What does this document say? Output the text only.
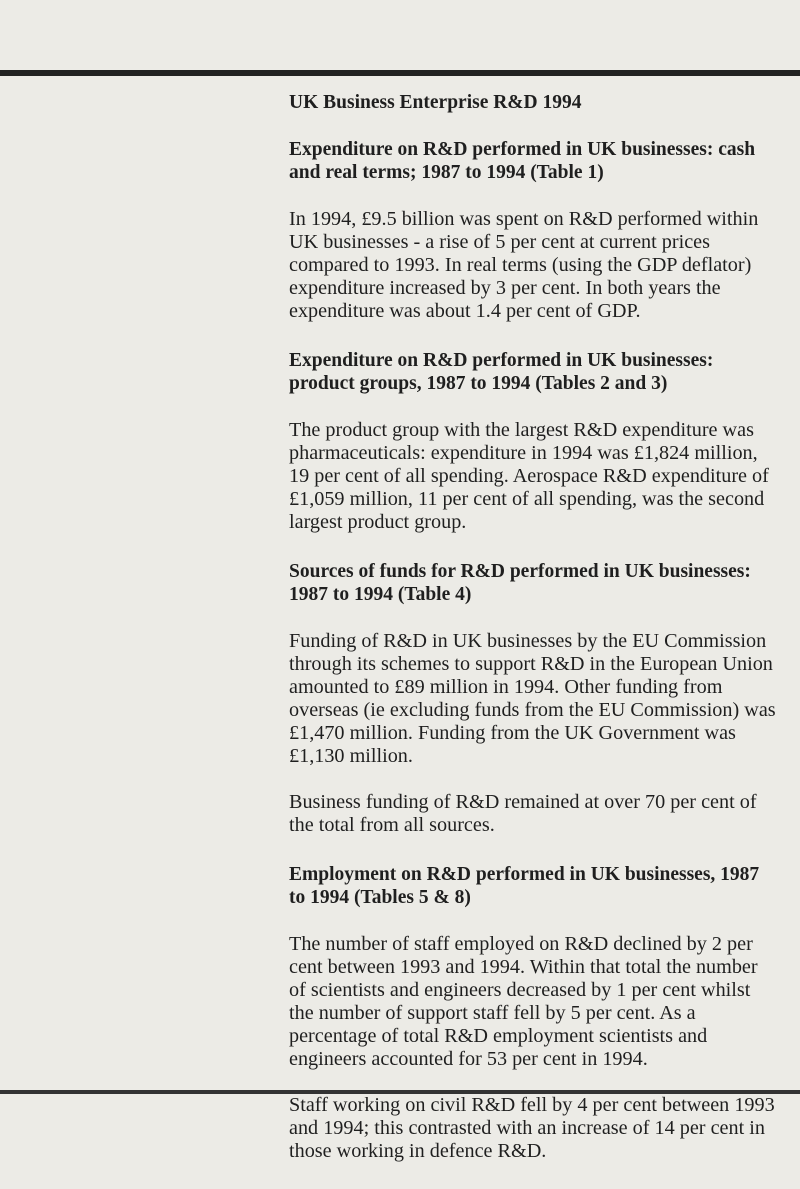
UK Business Enterprise R&D 1994
Expenditure on R&D performed in UK businesses: cash and real terms; 1987 to 1994 (Table 1)

In 1994, £9.5 billion was spent on R&D performed within UK businesses - a rise of 5 per cent at current prices compared to 1993. In real terms (using the GDP deflator) expenditure increased by 3 per cent. In both years the expenditure was about 1.4 per cent of GDP.

Expenditure on R&D performed in UK businesses: product groups, 1987 to 1994 (Tables 2 and 3)

The product group with the largest R&D expenditure was pharmaceuticals: expenditure in 1994 was £1,824 million, 19 per cent of all spending. Aerospace R&D expenditure of £1,059 million, 11 per cent of all spending, was the second largest product group.

Sources of funds for R&D performed in UK businesses: 1987 to 1994 (Table 4)

Funding of R&D in UK businesses by the EU Commission through its schemes to support R&D in the European Union amounted to £89 million in 1994. Other funding from overseas (ie excluding funds from the EU Commission) was £1,470 million. Funding from the UK Government was £1,130 million.

Business funding of R&D remained at over 70 per cent of the total from all sources.

Employment on R&D performed in UK businesses, 1987 to 1994 (Tables 5 & 8)

The number of staff employed on R&D declined by 2 per cent between 1993 and 1994. Within that total the number of scientists and engineers decreased by 1 per cent whilst the number of support staff fell by 5 per cent. As a percentage of total R&D employment scientists and engineers accounted for 53 per cent in 1994.

Staff working on civil R&D fell by 4 per cent between 1993 and 1994; this contrasted with an increase of 14 per cent in those working in defence R&D.
